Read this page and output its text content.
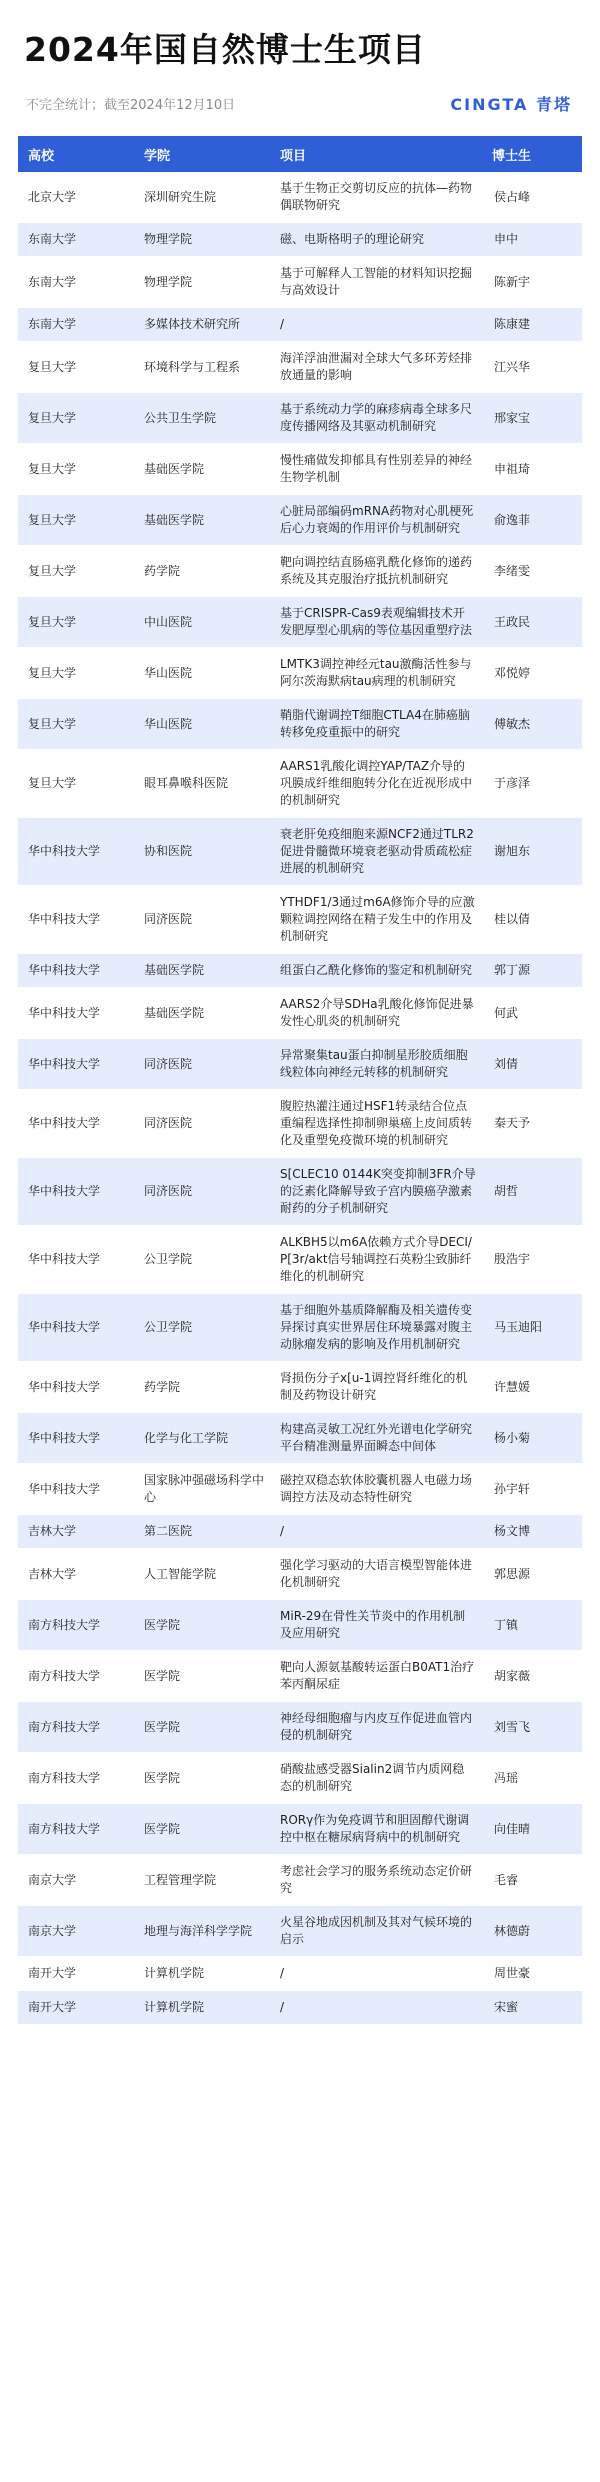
2024年国自然博士生项目
不完全统计；截至2024年12月10日	CINGTA 青塔
高校	学院	项目	博士生
北京大学	深圳研究生院	基于生物正交剪切反应的抗体—药物偶联物研究	侯占峰
东南大学	物理学院	磁、电斯格明子的理论研究	申中
东南大学	物理学院	基于可解释人工智能的材料知识挖掘与高效设计	陈新宇
东南大学	多媒体技术研究所	/	陈康建
复旦大学	环境科学与工程系	海洋浮油泄漏对全球大气多环芳烃排放通量的影响	江兴华
复旦大学	公共卫生学院	基于系统动力学的麻疹病毒全球多尺度传播网络及其驱动机制研究	邢家宝
复旦大学	基础医学院	慢性痛做发抑郁具有性别差异的神经生物学机制	申祖琦
复旦大学	基础医学院	心脏局部编码mRNA药物对心肌梗死后心力衰竭的作用评价与机制研究	俞逸菲
复旦大学	药学院	靶向调控结直肠癌乳酰化修饰的递药系统及其克服治疗抵抗机制研究	李绪雯
复旦大学	中山医院	基于CRISPR-Cas9表观编辑技术开发肥厚型心肌病的等位基因重塑疗法	王政民
复旦大学	华山医院	LMTK3调控神经元tau激酶活性参与阿尔茨海默病tau病理的机制研究	邓悦婷
复旦大学	华山医院	鞘脂代谢调控T细胞CTLA4在肺癌脑转移免疫重振中的研究	傅敏杰
复旦大学	眼耳鼻喉科医院	AARS1乳酸化调控YAP/TAZ介导的巩膜成纤维细胞转分化在近视形成中的机制研究	于彦泽
华中科技大学	协和医院	衰老肝免疫细胞来源NCF2通过TLR2促进骨髓微环境衰老驱动骨质疏松症进展的机制研究	谢旭东
华中科技大学	同济医院	YTHDF1/3通过m6A修饰介导的应激颗粒调控网络在精子发生中的作用及机制研究	桂以倩
华中科技大学	基础医学院	组蛋白乙酰化修饰的鉴定和机制研究	郭丁源
华中科技大学	基础医学院	AARS2介导SDHa乳酸化修饰促进暴发性心肌炎的机制研究	何武
华中科技大学	同济医院	异常聚集tau蛋白抑制星形胶质细胞线粒体向神经元转移的机制研究	刘倩
华中科技大学	同济医院	腹腔热灌注通过HSF1转录结合位点重编程选择性抑制卵巢癌上皮间质转化及重塑免疫微环境的机制研究	秦天予
华中科技大学	同济医院	S[CLEC10 0144K突变抑制3FR介导的泛素化降解导致子宫内膜癌孕激素耐药的分子机制研究	胡哲
华中科技大学	公卫学院	ALKBH5以m6A依赖方式介导DECI/P[3r/akt信号轴调控石英粉尘致肺纤维化的机制研究	殷浩宇
华中科技大学	公卫学院	基于细胞外基质降解酶及相关遗传变异探讨真实世界居住环境暴露对腹主动脉瘤发病的影响及作用机制研究	马玉迪阳
华中科技大学	药学院	肾损伤分子x[u-1调控肾纤维化的机制及药物设计研究	许慧媛
华中科技大学	化学与化工学院	构建高灵敏工况红外光谱电化学研究平台精准测量界面瞬态中间体	杨小菊
华中科技大学	国家脉冲强磁场科学中心	磁控双稳态软体胶囊机器人电磁力场调控方法及动态特性研究	孙宇轩
吉林大学	第二医院	/	杨文博
吉林大学	人工智能学院	强化学习驱动的大语言模型智能体进化机制研究	郭思源
南方科技大学	医学院	MiR-29在骨性关节炎中的作用机制及应用研究	丁镇
南方科技大学	医学院	靶向人源氨基酸转运蛋白B0AT1治疗苯丙酮尿症	胡家薇
南方科技大学	医学院	神经母细胞瘤与内皮互作促进血管内侵的机制研究	刘雪飞
南方科技大学	医学院	硝酸盐感受器Sialin2调节内质网稳态的机制研究	冯瑶
南方科技大学	医学院	RORγ作为免疫调节和胆固醇代谢调控中枢在糖尿病肾病中的机制研究	向佳晴
南京大学	工程管理学院	考虑社会学习的服务系统动态定价研究	毛睿
南京大学	地理与海洋科学学院	火星谷地成因机制及其对气候环境的启示	林德蔚
南开大学	计算机学院	/	周世豪
南开大学	计算机学院	/	宋蜜
